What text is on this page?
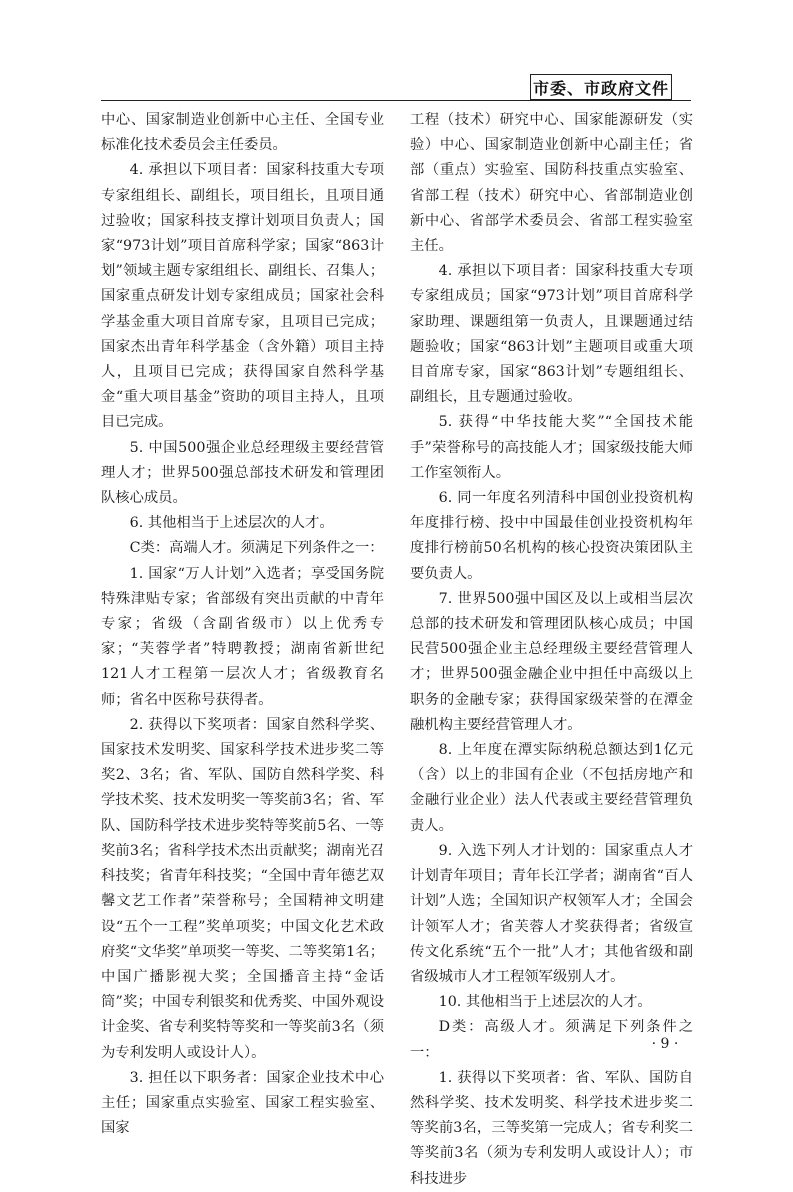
市委、市政府文件

中心、国家制造业创新中心主任、全国专业标准化技术委员会主任委员。

4. 承担以下项目者：国家科技重大专项专家组组长、副组长，项目组长，且项目通过验收；国家科技支撑计划项目负责人；国家“973计划”项目首席科学家；国家“863计划”领域主题专家组组长、副组长、召集人；国家重点研发计划专家组成员；国家社会科学基金重大项目首席专家，且项目已完成；国家杰出青年科学基金（含外籍）项目主持人，且项目已完成；获得国家自然科学基金“重大项目基金”资助的项目主持人，且项目已完成。

5. 中国500强企业总经理级主要经营管理人才；世界500强总部技术研发和管理团队核心成员。

6. 其他相当于上述层次的人才。

C类：高端人才。须满足下列条件之一：

1. 国家“万人计划”入选者；享受国务院特殊津贴专家；省部级有突出贡献的中青年专家；省级（含副省级市）以上优秀专家；“芙蓉学者”特聘教授；湖南省新世纪121人才工程第一层次人才；省级教育名师；省名中医称号获得者。

2. 获得以下奖项者：国家自然科学奖、国家技术发明奖、国家科学技术进步奖二等奖2、3名；省、军队、国防自然科学奖、科学技术奖、技术发明奖一等奖前3名；省、军队、国防科学技术进步奖特等奖前5名、一等奖前3名；省科学技术杰出贡献奖；湖南光召科技奖；省青年科技奖；“全国中青年德艺双馨文艺工作者”荣誉称号；全国精神文明建设“五个一工程”奖单项奖；中国文化艺术政府奖“文华奖”单项奖一等奖、二等奖第1名；中国广播影视大奖；全国播音主持“金话筒”奖；中国专利银奖和优秀奖、中国外观设计金奖、省专利奖特等奖和一等奖前3名（须为专利发明人或设计人）。

3. 担任以下职务者：国家企业技术中心主任；国家重点实验室、国家工程实验室、国家

工程（技术）研究中心、国家能源研发（实验）中心、国家制造业创新中心副主任；省部（重点）实验室、国防科技重点实验室、省部工程（技术）研究中心、省部制造业创新中心、省部学术委员会、省部工程实验室主任。

4. 承担以下项目者：国家科技重大专项专家组成员；国家“973计划”项目首席科学家助理、课题组第一负责人，且课题通过结题验收；国家“863计划”主题项目或重大项目首席专家，国家“863计划”专题组组长、副组长，且专题通过验收。

5. 获得“中华技能大奖”“全国技术能手”荣誉称号的高技能人才；国家级技能大师工作室领衔人。

6. 同一年度名列清科中国创业投资机构年度排行榜、投中中国最佳创业投资机构年度排行榜前50名机构的核心投资决策团队主要负责人。

7. 世界500强中国区及以上或相当层次总部的技术研发和管理团队核心成员；中国民营500强企业主总经理级主要经营管理人才；世界500强金融企业中担任中高级以上职务的金融专家；获得国家级荣誉的在潭金融机构主要经营管理人才。

8. 上年度在潭实际纳税总额达到1亿元（含）以上的非国有企业（不包括房地产和金融行业企业）法人代表或主要经营管理负责人。

9. 入选下列人才计划的：国家重点人才计划青年项目；青年长江学者；湖南省“百人计划”人选；全国知识产权领军人才；全国会计领军人才；省芙蓉人才奖获得者；省级宣传文化系统“五个一批”人才；其他省级和副省级城市人才工程领军级别人才。

10. 其他相当于上述层次的人才。

D类：高级人才。须满足下列条件之一：

1. 获得以下奖项者：省、军队、国防自然科学奖、技术发明奖、科学技术进步奖二等奖前3名，三等奖第一完成人；省专利奖二等奖前3名（须为专利发明人或设计人）；市科技进步

· 9 ·
